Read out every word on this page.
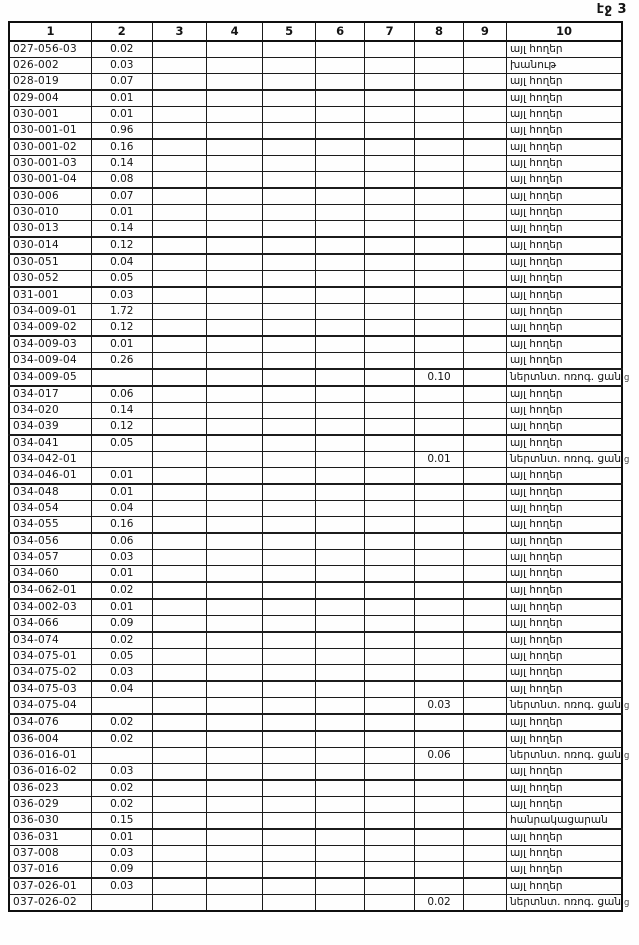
էջ 3
1	2	3	4	5	6	7	8	9	10
027-056-03	0.02								այլ հողեր
026-002	0.03								խանութ
028-019	0.07								այլ հողեր
029-004	0.01								այլ հողեր
030-001	0.01								այլ հողեր
030-001-01	0.96								այլ հողեր
030-001-02	0.16								այլ հողեր
030-001-03	0.14								այլ հողեր
030-001-04	0.08								այլ հողեր
030-006	0.07								այլ հողեր
030-010	0.01								այլ հողեր
030-013	0.14								այլ հողեր
030-014	0.12								այլ հողեր
030-051	0.04								այլ հողեր
030-052	0.05								այլ հողեր
031-001	0.03								այլ հողեր
034-009-01	1.72								այլ հողեր
034-009-02	0.12								այլ հողեր
034-009-03	0.01								այլ հողեր
034-009-04	0.26								այլ հողեր
034-009-05							0.10		ներտնտ. ոռոգ. ցան ց

034-017	0.06								այլ հողեր
034-020	0.14								այլ հողեր
034-039	0.12								այլ հողեր
034-041	0.05								այլ հողեր
034-042-01							0.01		ներտնտ. ոռոգ. ցան ց

034-046-01	0.01								այլ հողեր
034-048	0.01								այլ հողեր
034-054	0.04								այլ հողեր
034-055	0.16								այլ հողեր
034-056	0.06								այլ հողեր
034-057	0.03								այլ հողեր
034-060	0.01								այլ հողեր
034-062-01	0.02								այլ հողեր
034-002-03	0.01								այլ հողեր
034-066	0.09								այլ հողեր
034-074	0.02								այլ հողեր
034-075-01	0.05								այլ հողեր
034-075-02	0.03								այլ հողեր
034-075-03	0.04								այլ հողեր
034-075-04							0.03		ներտնտ. ոռոգ. ցան ց

034-076	0.02								այլ հողեր
036-004	0.02								այլ հողեր
036-016-01							0.06		ներտնտ. ոռոգ. ցան ց

036-016-02	0.03								այլ հողեր
036-023	0.02								այլ հողեր
036-029	0.02								այլ հողեր
036-030	0.15								հանրակացարան
036-031	0.01								այլ հողեր
037-008	0.03								այլ հողեր
037-016	0.09								այլ հողեր
037-026-01	0.03								այլ հողեր
037-026-02							0.02		ներտնտ. ոռոգ. ցան ց
